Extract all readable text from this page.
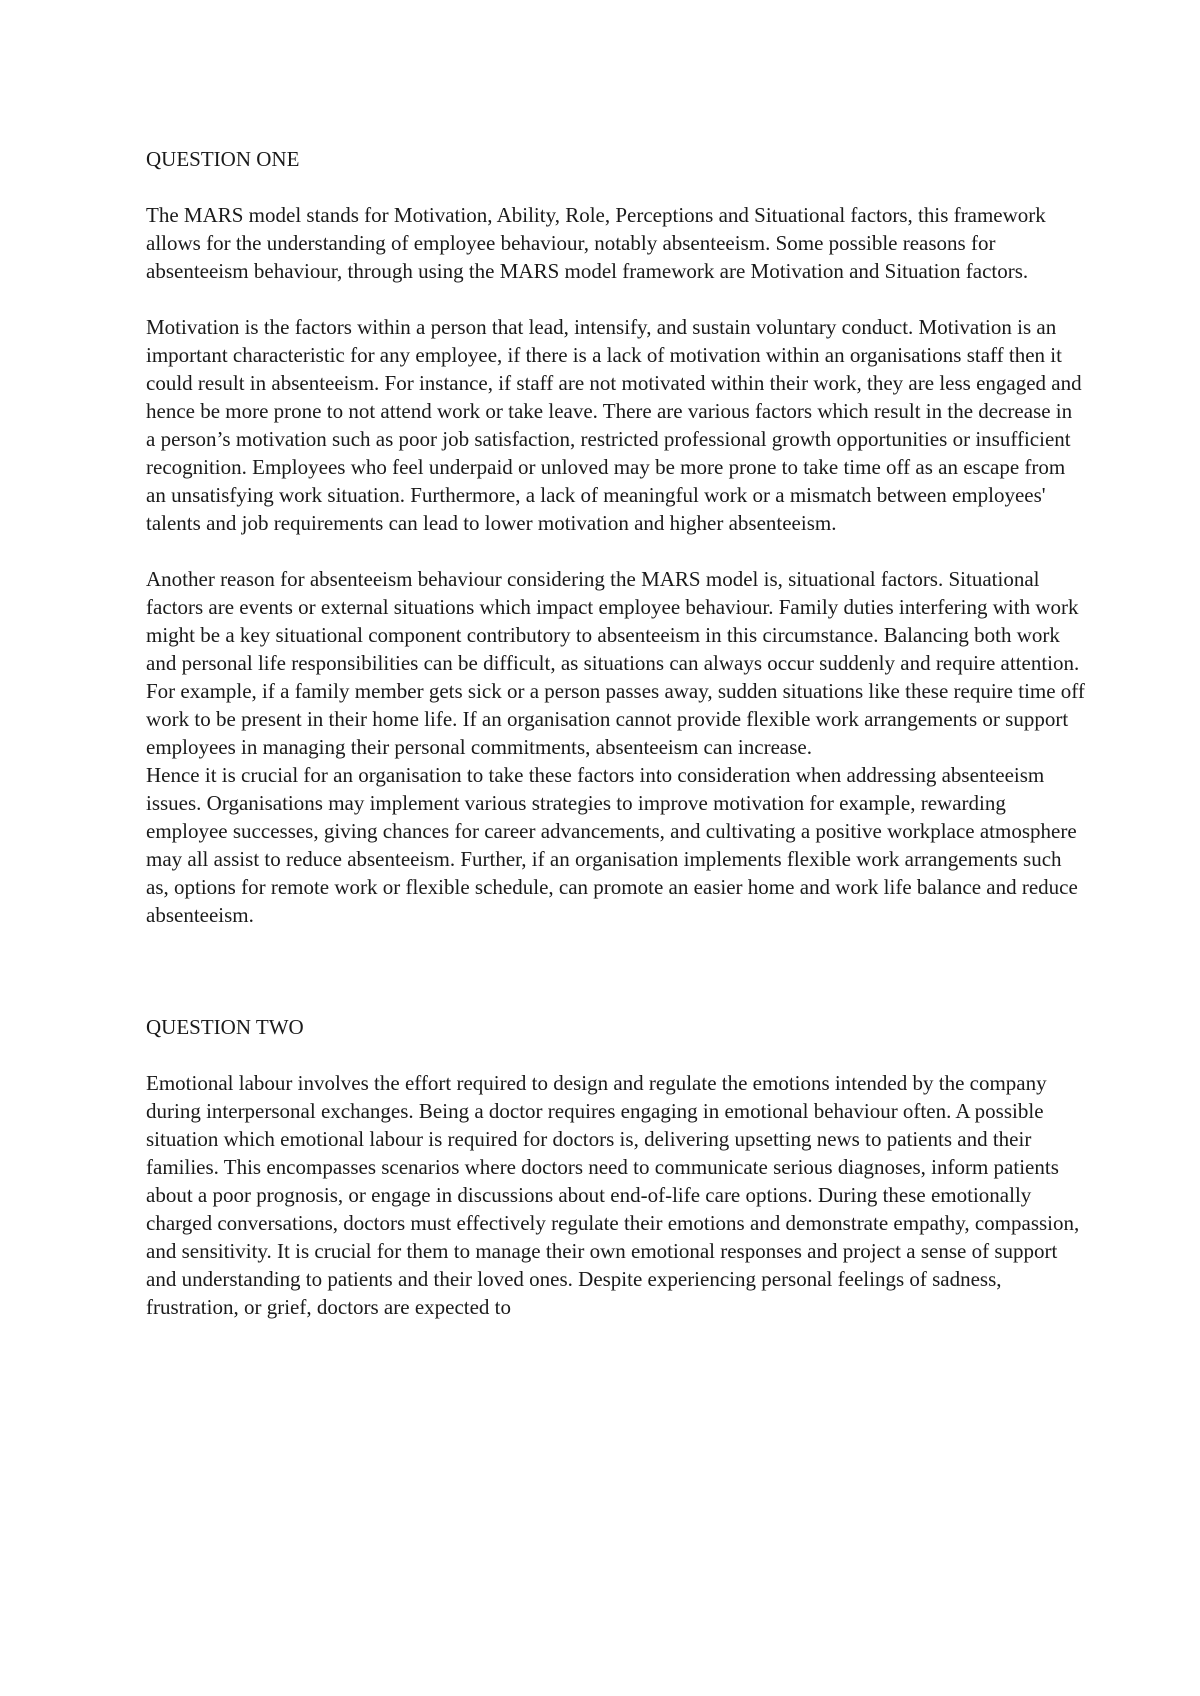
QUESTION ONE

The MARS model stands for Motivation, Ability, Role, Perceptions and Situational factors, this framework allows for the understanding of employee behaviour, notably absenteeism. Some possible reasons for absenteeism behaviour, through using the MARS model framework are Motivation and Situation factors.

Motivation is the factors within a person that lead, intensify, and sustain voluntary conduct. Motivation is an important characteristic for any employee, if there is a lack of motivation within an organisations staff then it could result in absenteeism. For instance, if staff are not motivated within their work, they are less engaged and hence be more prone to not attend work or take leave. There are various factors which result in the decrease in a person’s motivation such as poor job satisfaction, restricted professional growth opportunities or insufficient recognition. Employees who feel underpaid or unloved may be more prone to take time off as an escape from an unsatisfying work situation. Furthermore, a lack of meaningful work or a mismatch between employees' talents and job requirements can lead to lower motivation and higher absenteeism.

Another reason for absenteeism behaviour considering the MARS model is, situational factors. Situational factors are events or external situations which impact employee behaviour. Family duties interfering with work might be a key situational component contributory to absenteeism in this circumstance. Balancing both work and personal life responsibilities can be difficult, as situations can always occur suddenly and require attention. For example, if a family member gets sick or a person passes away, sudden situations like these require time off work to be present in their home life. If an organisation cannot provide flexible work arrangements or support employees in managing their personal commitments, absenteeism can increase.

Hence it is crucial for an organisation to take these factors into consideration when addressing absenteeism issues. Organisations may implement various strategies to improve motivation for example, rewarding employee successes, giving chances for career advancements, and cultivating a positive workplace atmosphere may all assist to reduce absenteeism. Further, if an organisation implements flexible work arrangements such as, options for remote work or flexible schedule, can promote an easier home and work life balance and reduce absenteeism.

QUESTION TWO

Emotional labour involves the effort required to design and regulate the emotions intended by the company during interpersonal exchanges. Being a doctor requires engaging in emotional behaviour often. A possible situation which emotional labour is required for doctors is, delivering upsetting news to patients and their families. This encompasses scenarios where doctors need to communicate serious diagnoses, inform patients about a poor prognosis, or engage in discussions about end-of-life care options. During these emotionally charged conversations, doctors must effectively regulate their emotions and demonstrate empathy, compassion, and sensitivity. It is crucial for them to manage their own emotional responses and project a sense of support and understanding to patients and their loved ones. Despite experiencing personal feelings of sadness, frustration, or grief, doctors are expected to
